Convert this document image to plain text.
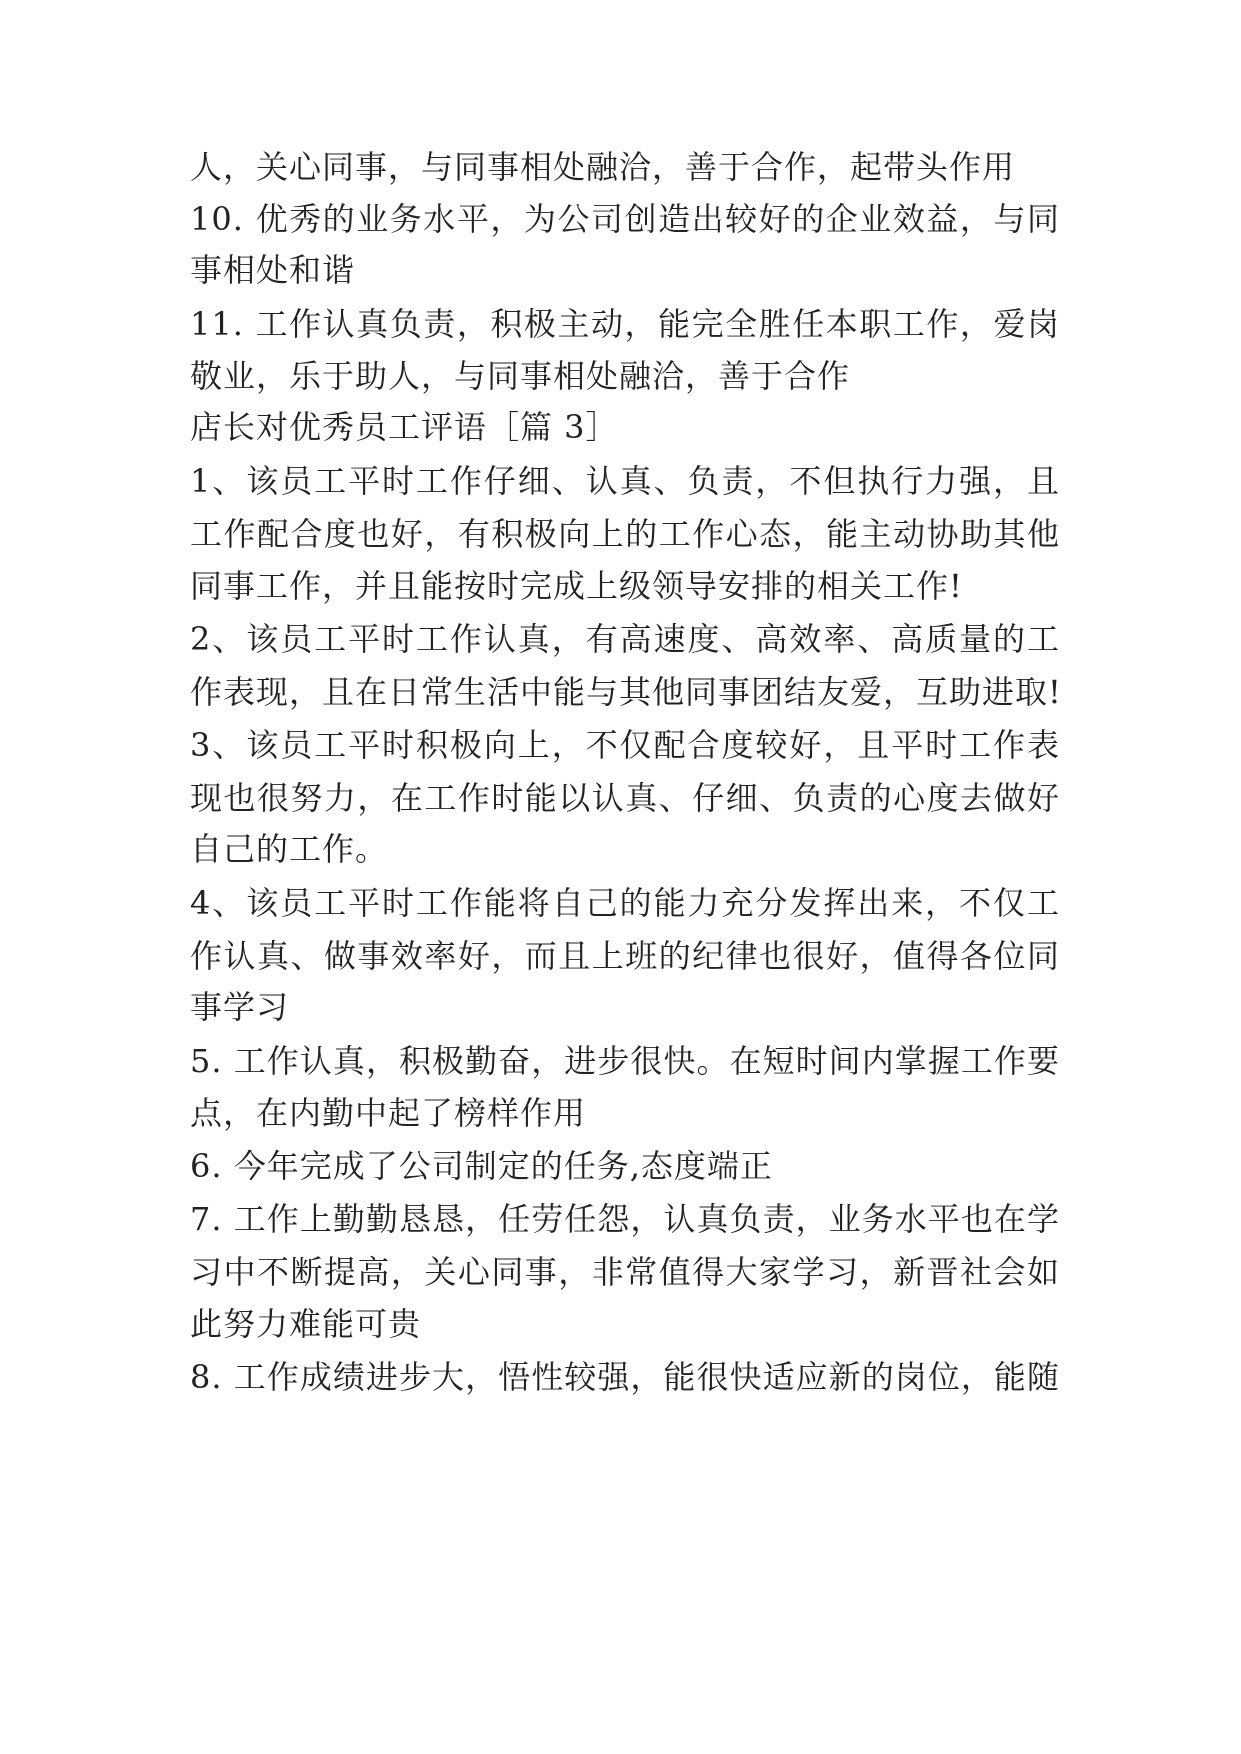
人，关心同事，与同事相处融洽，善于合作，起带头作用
10. 优秀的业务水平，为公司创造出较好的企业效益，与同
事相处和谐
11. 工作认真负责，积极主动，能完全胜任本职工作，爱岗
敬业，乐于助人，与同事相处融洽，善于合作
店长对优秀员工评语［篇 3］
1、该员工平时工作仔细、认真、负责，不但执行力强，且
工作配合度也好，有积极向上的工作心态，能主动协助其他
同事工作，并且能按时完成上级领导安排的相关工作!
2、该员工平时工作认真，有高速度、高效率、高质量的工
作表现，且在日常生活中能与其他同事团结友爱，互助进取!
3、该员工平时积极向上，不仅配合度较好，且平时工作表
现也很努力，在工作时能以认真、仔细、负责的心度去做好
自己的工作。
4、该员工平时工作能将自己的能力充分发挥出来，不仅工
作认真、做事效率好，而且上班的纪律也很好，值得各位同
事学习
5. 工作认真，积极勤奋，进步很快。在短时间内掌握工作要
点，在内勤中起了榜样作用
6. 今年完成了公司制定的任务,态度端正
7. 工作上勤勤恳恳，任劳任怨，认真负责，业务水平也在学
习中不断提高，关心同事，非常值得大家学习，新晋社会如
此努力难能可贵
8. 工作成绩进步大，悟性较强，能很快适应新的岗位，能随
